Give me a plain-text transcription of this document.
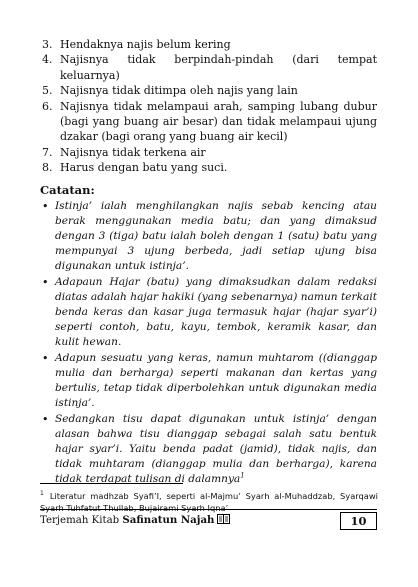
3. Hendaknya najis belum kering
4. Najisnya tidak berpindah-pindah (dari tempat keluarnya)
5. Najisnya tidak ditimpa oleh najis yang lain
6. Najisnya tidak melampaui arah, samping lubang dubur (bagi yang buang air besar) dan tidak melampaui ujung dzakar (bagi orang yang buang air kecil)
7. Najisnya tidak terkena air
8. Harus dengan batu yang suci.
Catatan:
• Istinja’ ialah menghilangkan najis sebab kencing atau berak menggunakan media batu; dan yang dimaksud dengan 3 (tiga) batu ialah boleh dengan 1 (satu) batu yang mempunyai 3 ujung berbeda, jadi setiap ujung bisa digunakan untuk istinja’.
• Adapaun Hajar (batu) yang dimaksudkan dalam redaksi diatas adalah hajar hakiki (yang sebenarnya) namun terkait benda keras dan kasar juga termasuk hajar (hajar syar’i) seperti contoh, batu, kayu, tembok, keramik kasar, dan kulit hewan.
• Adapun sesuatu yang keras, namun muhtarom ((dianggap mulia dan berharga) seperti makanan dan kertas yang bertulis, tetap tidak diperbolehkan untuk digunakan media istinja’.
• Sedangkan tisu dapat digunakan untuk istinja’ dengan alasan bahwa tisu dianggap sebagai salah satu bentuk hajar syar’i. Yaitu benda padat (jamid), tidak najis, dan tidak muhtaram (dianggap mulia dan berharga), karena tidak terdapat tulisan di dalamnya$^1$
$^1$ Literatur madhzab Syafi’I, seperti al-Majmu’ Syarh al-Muhaddzab, Syarqawi Syarh Tuhfatut Thullab, Bujairami Syarh Iqna’
Terjemah Kitab Safinatun Najah	10
